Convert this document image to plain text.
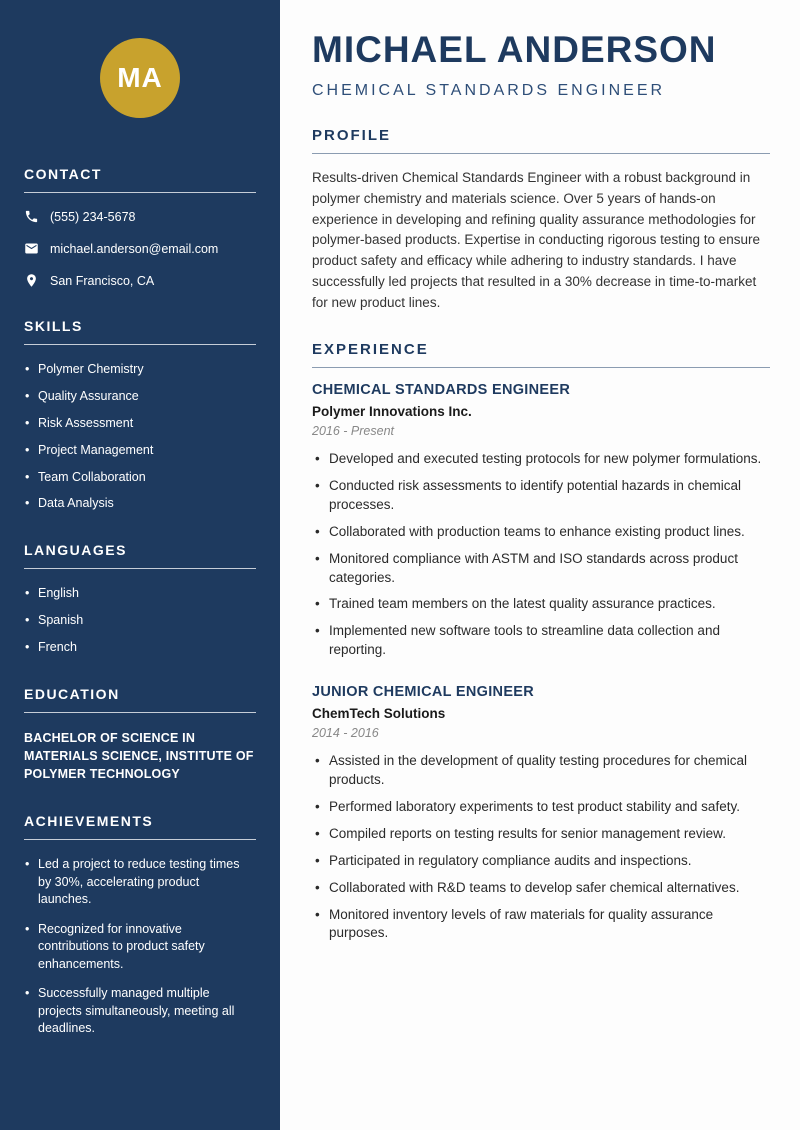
MA
CONTACT
(555) 234-5678
michael.anderson@email.com
San Francisco, CA
SKILLS
• Polymer Chemistry
• Quality Assurance
• Risk Assessment
• Project Management
• Team Collaboration
• Data Analysis
LANGUAGES
• English
• Spanish
• French
EDUCATION
BACHELOR OF SCIENCE IN MATERIALS SCIENCE, INSTITUTE OF POLYMER TECHNOLOGY
ACHIEVEMENTS
• Led a project to reduce testing times by 30%, accelerating product launches.
• Recognized for innovative contributions to product safety enhancements.
• Successfully managed multiple projects simultaneously, meeting all deadlines.
MICHAEL ANDERSON
CHEMICAL STANDARDS ENGINEER
PROFILE

Results-driven Chemical Standards Engineer with a robust background in polymer chemistry and materials science. Over 5 years of hands-on experience in developing and refining quality assurance methodologies for polymer-based products. Expertise in conducting rigorous testing to ensure product safety and efficacy while adhering to industry standards. I have successfully led projects that resulted in a 30% decrease in time-to-market for new product lines.

EXPERIENCE
CHEMICAL STANDARDS ENGINEER
Polymer Innovations Inc.
2016 - Present
• Developed and executed testing protocols for new polymer formulations.
• Conducted risk assessments to identify potential hazards in chemical processes.
• Collaborated with production teams to enhance existing product lines.
• Monitored compliance with ASTM and ISO standards across product categories.
• Trained team members on the latest quality assurance practices.
• Implemented new software tools to streamline data collection and reporting.
JUNIOR CHEMICAL ENGINEER
ChemTech Solutions
2014 - 2016
• Assisted in the development of quality testing procedures for chemical products.
• Performed laboratory experiments to test product stability and safety.
• Compiled reports on testing results for senior management review.
• Participated in regulatory compliance audits and inspections.
• Collaborated with R&D teams to develop safer chemical alternatives.
• Monitored inventory levels of raw materials for quality assurance purposes.
